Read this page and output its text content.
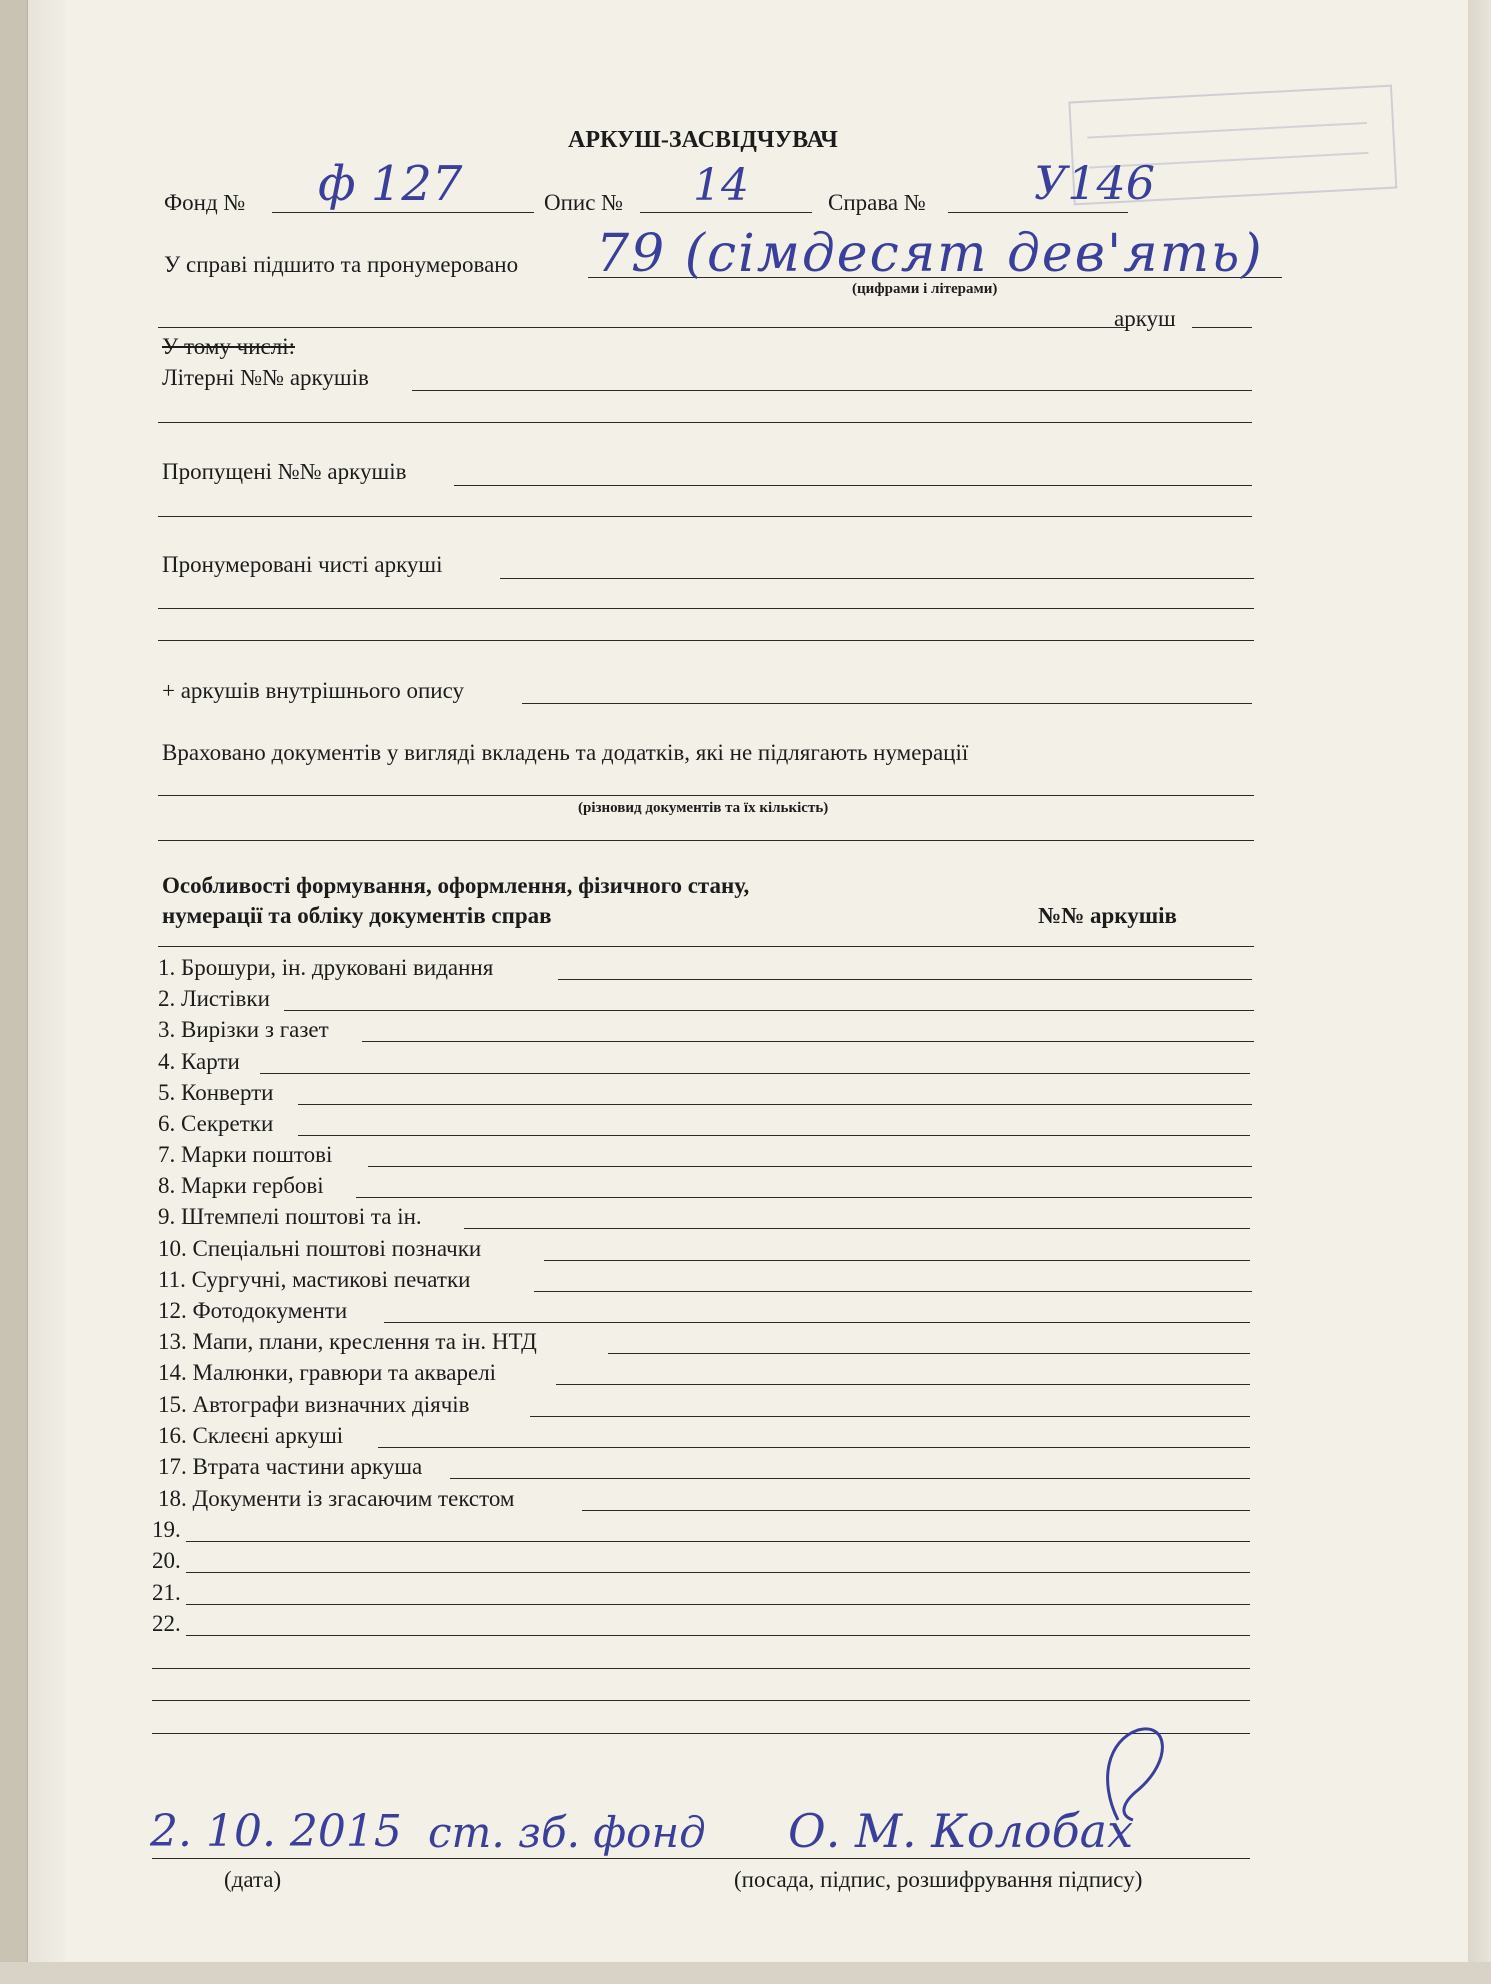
АРКУШ-ЗАСВІДЧУВАЧ
Фонд № ф 127	Опис № 14	Справа № У146
У справі підшито та пронумеровано 79 (сімдесят дев'ять)
(цифрами і літерами)
аркуш
У тому числі:
Літерні №№ аркушів
Пропущені №№ аркушів
Пронумеровані чисті аркуші
+ аркушів внутрішнього опису
Враховано документів у вигляді вкладень та додатків, які не підлягають нумерації
(різновид документів та їх кількість)
Особливості формування, оформлення, фізичного стану,
нумерації та обліку документів справ	№№ аркушів
1. Брошури, ін. друковані видання
2. Листівки
3. Вирізки з газет
4. Карти
5. Конверти
6. Секретки
7. Марки поштові
8. Марки гербові
9. Штемпелі поштові та ін.
10. Спеціальні поштові позначки
11. Сургучні, мастикові печатки
12. Фотодокументи
13. Мапи, плани, креслення та ін. НТД
14. Малюнки, гравюри та акварелі
15. Автографи визначних діячів
16. Склеєні аркуші
17. Втрата частини аркуша
18. Документи із згасаючим текстом
19.
20.
21.
22.
2. 10. 2015 ст. зб. фонд О. М. Колобах
(дата)	(посада, підпис, розшифрування підпису)
